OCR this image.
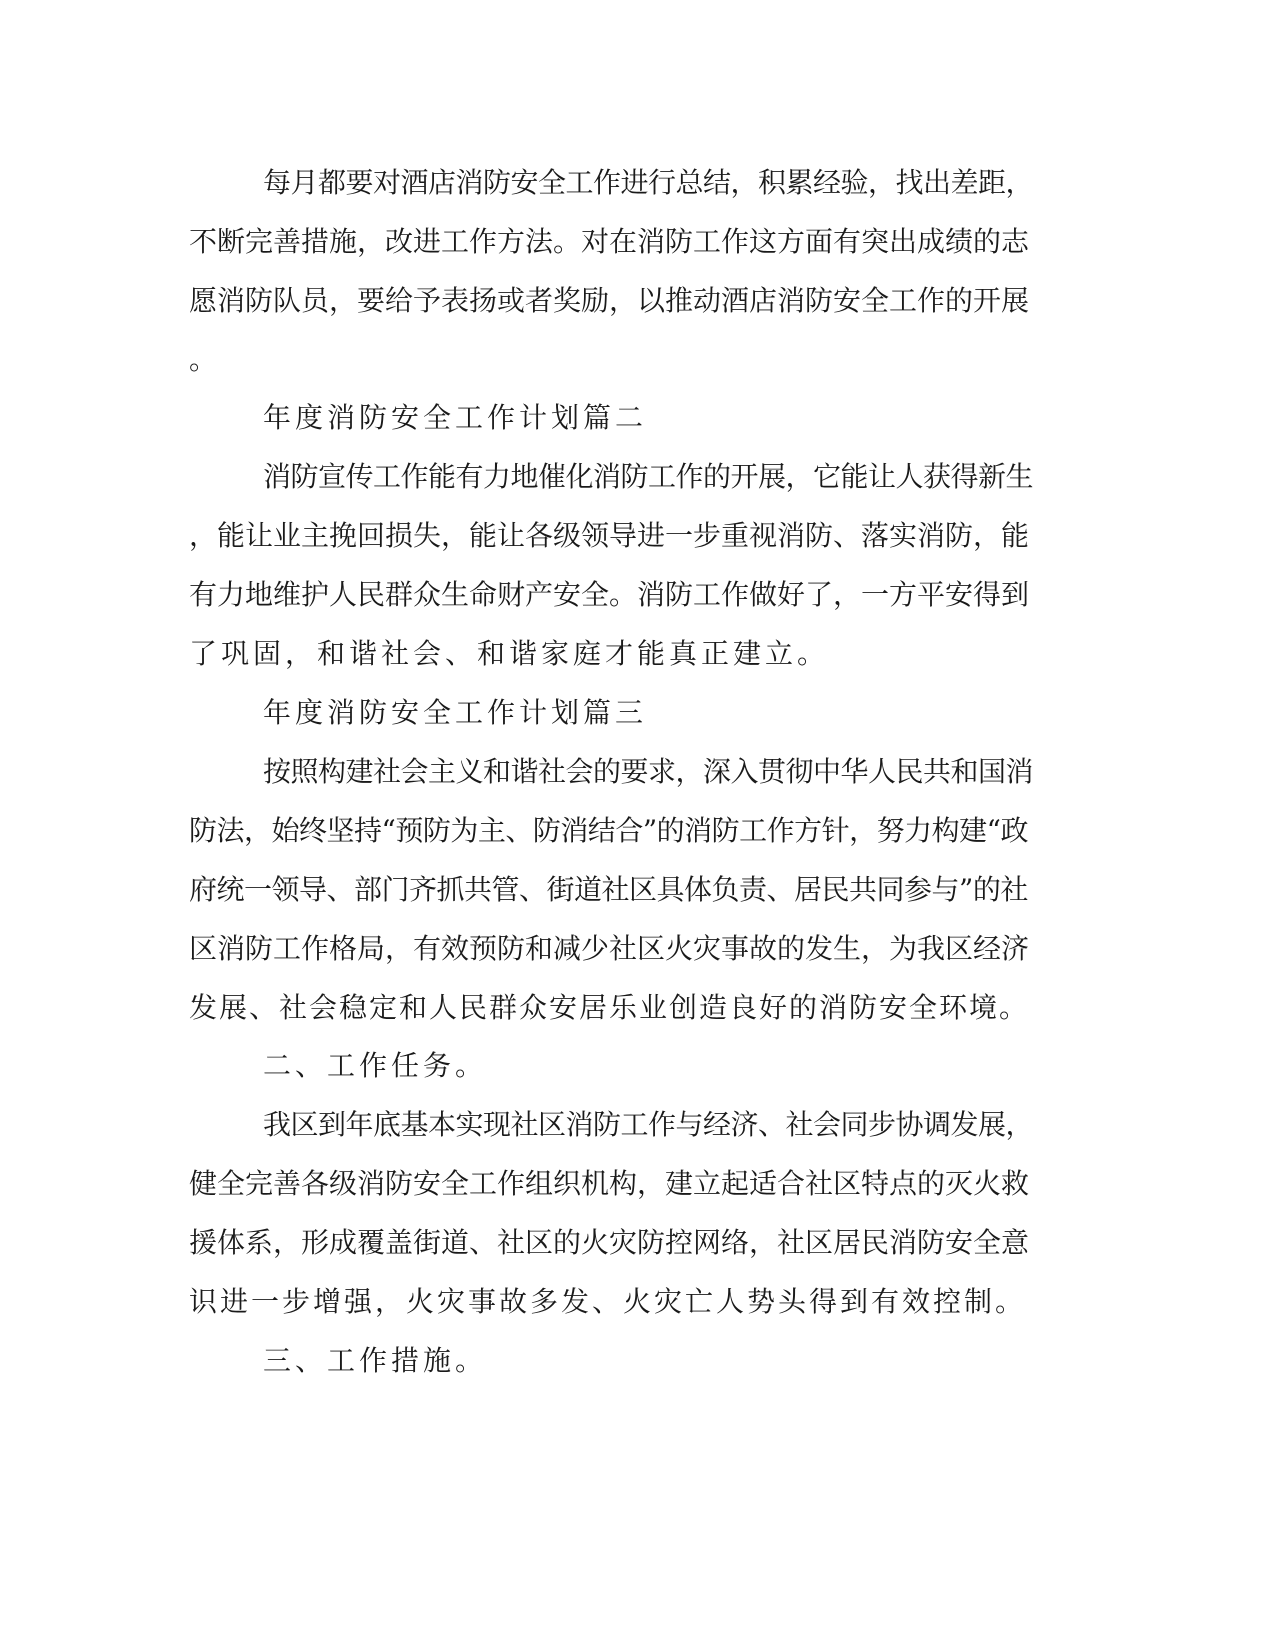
每月都要对酒店消防安全工作进行总结，积累经验，找出差距，
不断完善措施，改进工作方法。对在消防工作这方面有突出成绩的志
愿消防队员，要给予表扬或者奖励，以推动酒店消防安全工作的开展
。
年度消防安全工作计划篇二
消防宣传工作能有力地催化消防工作的开展，它能让人获得新生
，能让业主挽回损失，能让各级领导进一步重视消防、落实消防，能
有力地维护人民群众生命财产安全。消防工作做好了，一方平安得到
了巩固，和谐社会、和谐家庭才能真正建立。
年度消防安全工作计划篇三
按照构建社会主义和谐社会的要求，深入贯彻中华人民共和国消
防法，始终坚持“预防为主、防消结合”的消防工作方针，努力构建“政
府统一领导、部门齐抓共管、街道社区具体负责、居民共同参与”的社
区消防工作格局，有效预防和减少社区火灾事故的发生，为我区经济
发展、社会稳定和人民群众安居乐业创造良好的消防安全环境。
二、工作任务。
我区到年底基本实现社区消防工作与经济、社会同步协调发展，
健全完善各级消防安全工作组织机构，建立起适合社区特点的灭火救
援体系，形成覆盖街道、社区的火灾防控网络，社区居民消防安全意
识进一步增强，火灾事故多发、火灾亡人势头得到有效控制。
三、工作措施。
